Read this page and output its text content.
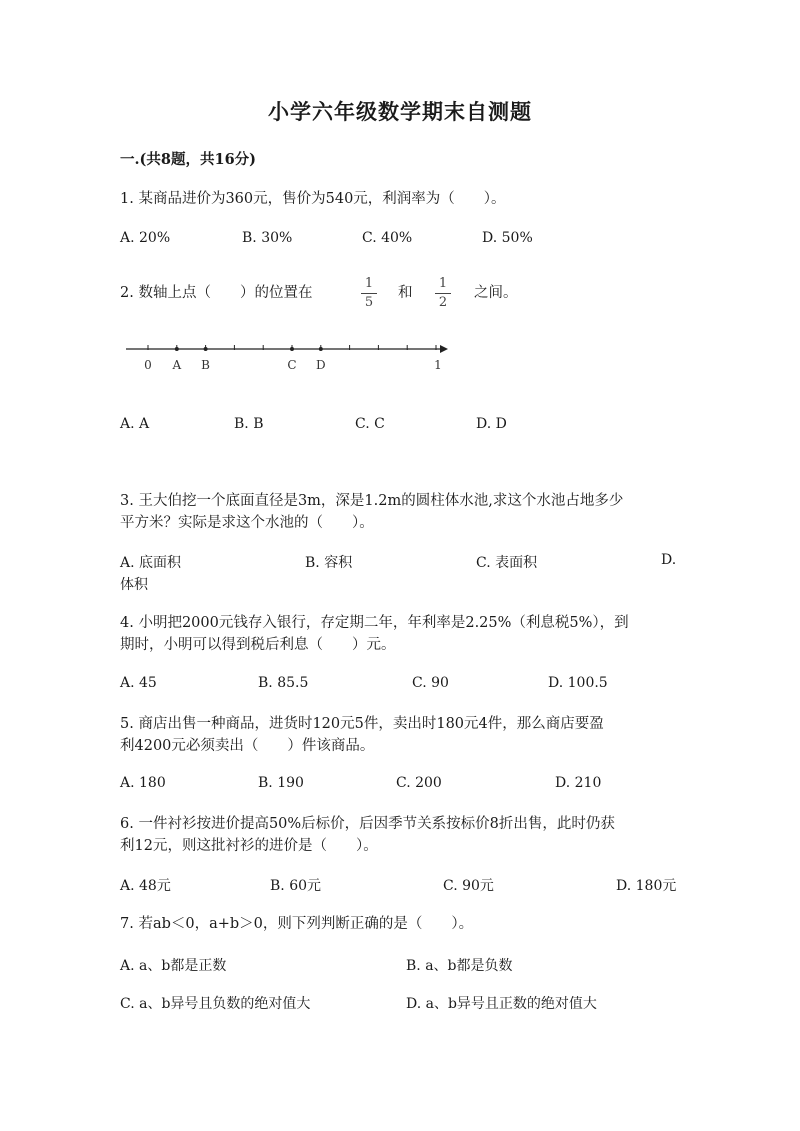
小学六年级数学期末自测题
一.(共8题，共16分)
1. 某商品进价为360元，售价为540元，利润率为（　　）。
A. 20%	B. 30%	C. 40%	D. 50%
2. 数轴上点（　　）的位置在
1
5
和
1
2
之间。
0	1
A B	C D
A. A	B. B	C. C	D. D
3. 王大伯挖一个底面直径是3m，深是1.2m的圆柱体水池,求这个水池占地多少
平方米？实际是求这个水池的（　　）。
A. 底面积	B. 容积	C. 表面积	D.
体积
4. 小明把2000元钱存入银行，存定期二年，年利率是2.25%（利息税5%），到
期时，小明可以得到税后利息（　　）元。
A. 45	B. 85.5	C. 90	D. 100.5
5. 商店出售一种商品，进货时120元5件，卖出时180元4件，那么商店要盈
利4200元必须卖出（　　）件该商品。
A. 180	B. 190	C. 200	D. 210
6. 一件衬衫按进价提高50%后标价，后因季节关系按标价8折出售，此时仍获
利12元，则这批衬衫的进价是（　　）。
A. 48元	B. 60元	C. 90元	D. 180元
7. 若ab＜0，a+b＞0，则下列判断正确的是（　　）。
A. a、b都是正数	B. a、b都是负数
C. a、b异号且负数的绝对值大	D. a、b异号且正数的绝对值大
